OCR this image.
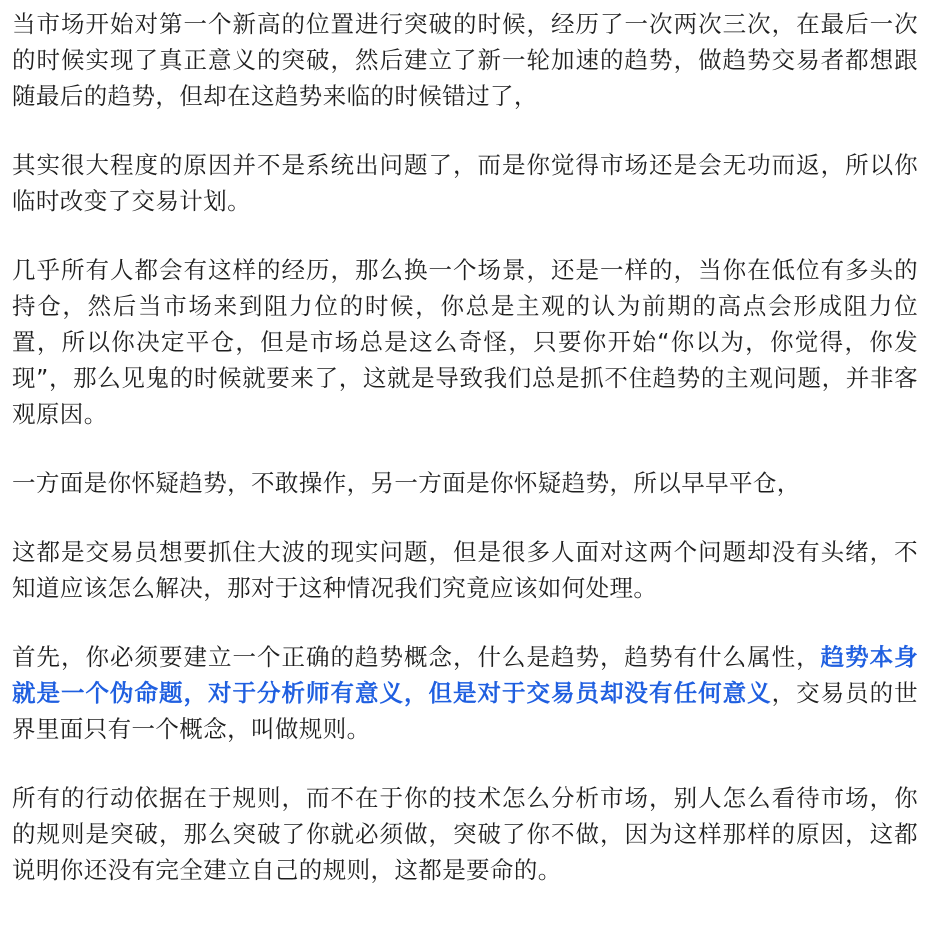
当市场开始对第一个新高的位置进行突破的时候，经历了一次两次三次，在最后一次的时候实现了真正意义的突破，然后建立了新一轮加速的趋势，做趋势交易者都想跟随最后的趋势，但却在这趋势来临的时候错过了，

其实很大程度的原因并不是系统出问题了，而是你觉得市场还是会无功而返，所以你临时改变了交易计划。

几乎所有人都会有这样的经历，那么换一个场景，还是一样的，当你在低位有多头的持仓，然后当市场来到阻力位的时候，你总是主观的认为前期的高点会形成阻力位置，所以你决定平仓，但是市场总是这么奇怪，只要你开始“你以为，你觉得，你发现”，那么见鬼的时候就要来了，这就是导致我们总是抓不住趋势的主观问题，并非客观原因。

一方面是你怀疑趋势，不敢操作，另一方面是你怀疑趋势，所以早早平仓，

这都是交易员想要抓住大波的现实问题，但是很多人面对这两个问题却没有头绪，不知道应该怎么解决，那对于这种情况我们究竟应该如何处理。

首先，你必须要建立一个正确的趋势概念，什么是趋势，趋势有什么属性，趋势本身就是一个伪命题，对于分析师有意义，但是对于交易员却没有任何意义，交易员的世界里面只有一个概念，叫做规则。

所有的行动依据在于规则，而不在于你的技术怎么分析市场，别人怎么看待市场，你的规则是突破，那么突破了你就必须做，突破了你不做，因为这样那样的原因，这都说明你还没有完全建立自己的规则，这都是要命的。
